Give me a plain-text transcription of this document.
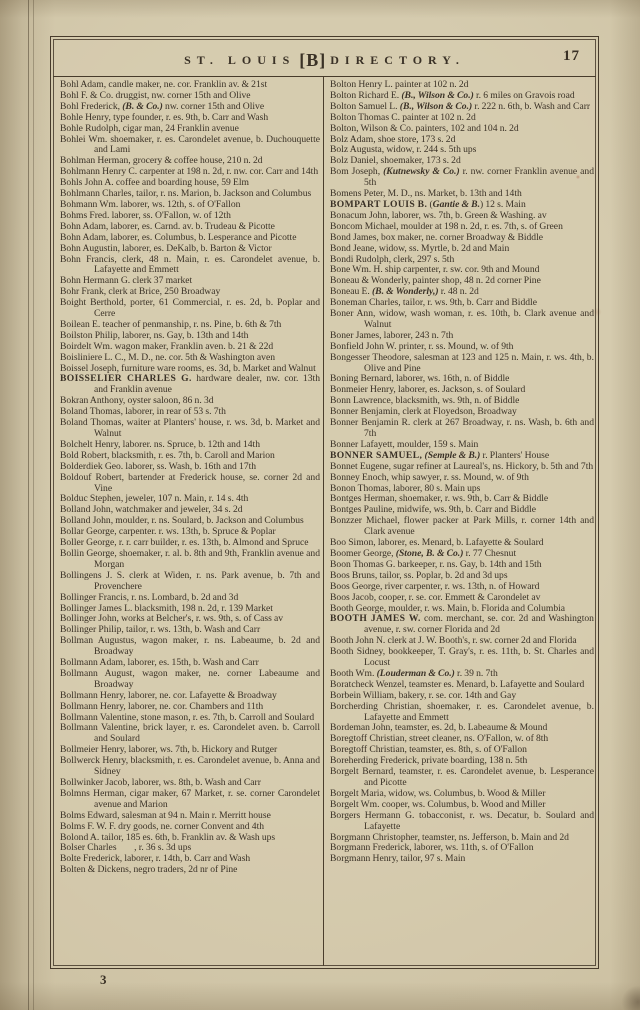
ST. LOUIS [B] DIRECTORY.	17
Bohl Adam, candle maker, ne. cor. Franklin av. & 21st
Bohl F. & Co. druggist, nw. corner 15th and Olive
Bohl Frederick, (B. & Co.) nw. corner 15th and Olive
Bohle Henry, type founder, r. es. 9th, b. Carr and Wash
Bohle Rudolph, cigar man, 24 Franklin avenue
Bohlei Wm. shoemaker, r. es. Carondelet avenue, b. Duchouquette and Lami
Bohlman Herman, grocery & coffee house, 210 n. 2d
Bohlmann Henry C. carpenter at 198 n. 2d, r. nw. cor. Carr and 14th
Bohls John A. coffee and boarding house, 59 Elm
Bohlmann Charles, tailor, r. ns. Marion, b. Jackson and Columbus
Bohmann Wm. laborer, ws. 12th, s. of O'Fallon
Bohms Fred. laborer, ss. O'Fallon, w. of 12th
Bohn Adam, laborer, es. Carnd. av. b. Trudeau & Picotte
Bohn Adam, laborer, es. Columbus, b. Lesperance and Picotte
Bohn Augustin, laborer, es. DeKalb, b. Barton & Victor
Bohn Francis, clerk, 48 n. Main, r. es. Carondelet avenue, b. Lafayette and Emmett
Bohn Hermann G. clerk 37 market
Bohr Frank, clerk at Brice, 250 Broadway
Boight Berthold, porter, 61 Commercial, r. es. 2d, b. Poplar and Cerre
Boilean E. teacher of penmanship, r. ns. Pine, b. 6th & 7th
Boilston Philip, laborer, ns. Gay, b. 13th and 14th
Boirdelt Wm. wagon maker, Franklin aven. b. 21 & 22d
Boisliniere L. C., M. D., ne. cor. 5th & Washington aven
Boissel Joseph, furniture ware rooms, es. 3d, b. Market and Walnut
BOISSELIER CHARLES G. hardware dealer, nw. cor. 13th and Franklin avenue
Bokran Anthony, oyster saloon, 86 n. 3d
Boland Thomas, laborer, in rear of 53 s. 7th
Boland Thomas, waiter at Planters' house, r. ws. 3d, b. Market and Walnut
Bolchelt Henry, laborer. ns. Spruce, b. 12th and 14th
Bold Robert, blacksmith, r. es. 7th, b. Caroll and Marion
Bolderdiek Geo. laborer, ss. Wash, b. 16th and 17th
Boldouf Robert, bartender at Frederick house, se. corner 2d and Vine
Bolduc Stephen, jeweler, 107 n. Main, r. 14 s. 4th
Bolland John, watchmaker and jeweler, 34 s. 2d
Bolland John, moulder, r. ns. Soulard, b. Jackson and Columbus
Bollar George, carpenter. r. ws. 13th, b. Spruce & Poplar
Boller George, r. r. carr builder, r. es. 13th, b. Almond and Spruce
Bollin George, shoemaker, r. al. b. 8th and 9th, Franklin avenue and Morgan
Bollingens J. S. clerk at Widen, r. ns. Park avenue, b. 7th and Provenchere
Bollinger Francis, r. ns. Lombard, b. 2d and 3d
Bollinger James L. blacksmith, 198 n. 2d, r. 139 Market
Bollinger John, works at Belcher's, r. ws. 9th, s. of Cass av
Bollinger Philip, tailor, r. ws. 13th, b. Wash and Carr
Bollman Augustus, wagon maker, r. ns. Labeaume, b. 2d and Broadway
Bollmann Adam, laborer, es. 15th, b. Wash and Carr
Bollmann August, wagon maker, ne. corner Labeaume and Broadway
Bollmann Henry, laborer, ne. cor. Lafayette & Broadway
Bollmann Henry, laborer, ne. cor. Chambers and 11th
Bollmann Valentine, stone mason, r. es. 7th, b. Carroll and Soulard
Bollmann Valentine, brick layer, r. es. Carondelet aven. b. Carroll and Soulard
Bollmeier Henry, laborer, ws. 7th, b. Hickory and Rutger
Bollwerck Henry, blacksmith, r. es. Carondelet avenue, b. Anna and Sidney
Bollwinker Jacob, laborer, ws. 8th, b. Wash and Carr
Bolmns Herman, cigar maker, 67 Market, r. se. corner Carondelet avenue and Marion
Bolms Edward, salesman at 94 n. Main r. Merritt house
Bolms F. W. F. dry goods, ne. corner Convent and 4th
Bolond A. tailor, 185 es. 6th, b. Franklin av. & Wash ups
Bolser Charles        , r. 36 s. 3d ups
Bolte Frederick, laborer, r. 14th, b. Carr and Wash
Bolten & Dickens, negro traders, 2d nr of Pine
Bolton Henry L. painter at 102 n. 2d
Bolton Richard E. (B., Wilson & Co.) r. 6 miles on Gravois road
Bolton Samuel L. (B., Wilson & Co.) r. 222 n. 6th, b. Wash and Carr
Bolton Thomas C. painter at 102 n. 2d
Bolton, Wilson & Co. painters, 102 and 104 n. 2d
Bolz Adam, shoe store, 173 s. 2d
Bolz Augusta, widow, r. 244 s. 5th ups
Bolz Daniel, shoemaker, 173 s. 2d
Bom Joseph, (Kutnewsky & Co.) r. nw. corner Franklin avenue and 5th
Bomens Peter, M. D., ns. Market, b. 13th and 14th
BOMPART LOUIS B. (Gantie & B.) 12 s. Main
Bonacum John, laborer, ws. 7th, b. Green & Washing. av
Boncom Michael, moulder at 198 n. 2d, r. es. 7th, s. of Green
Bond James, box maker, ne. corner Broadway & Biddle
Bond Jeane, widow, ss. Myrtle, b. 2d and Main
Bondi Rudolph, clerk, 297 s. 5th
Bone Wm. H. ship carpenter, r. sw. cor. 9th and Mound
Boneau & Wonderly, painter shop, 48 n. 2d corner Pine
Boneau E. (B. & Wonderly,) r. 48 n. 2d
Boneman Charles, tailor, r. ws. 9th, b. Carr and Biddle
Boner Ann, widow, wash woman, r. es. 10th, b. Clark avenue and Walnut
Boner James, laborer, 243 n. 7th
Bonfield John W. printer, r. ss. Mound, w. of 9th
Bongesser Theodore, salesman at 123 and 125 n. Main, r. ws. 4th, b. Olive and Pine
Boning Bernard, laborer, ws. 16th, n. of Biddle
Bonmeier Henry, laborer, es. Jackson, s. of Soulard
Bonn Lawrence, blacksmith, ws. 9th, n. of Biddle
Bonner Benjamin, clerk at Floyedson, Broadway
Bonner Benjamin R. clerk at 267 Broadway, r. ns. Wash, b. 6th and 7th
Bonner Lafayett, moulder, 159 s. Main
BONNER SAMUEL, (Semple & B.) r. Planters' House
Bonnet Eugene, sugar refiner at Laureal's, ns. Hickory, b. 5th and 7th
Bonney Enoch, whip sawyer, r. ss. Mound, w. of 9th
Bonon Thomas, laborer, 80 s. Main ups
Bontges Herman, shoemaker, r. ws. 9th, b. Carr & Biddle
Bontges Pauline, midwife, ws. 9th, b. Carr and Biddle
Bonzzer Michael, flower packer at Park Mills, r. corner 14th and Clark avenue
Boo Simon, laborer, es. Menard, b. Lafayette & Soulard
Boomer George, (Stone, B. & Co.) r. 77 Chesnut
Boon Thomas G. barkeeper, r. ns. Gay, b. 14th and 15th
Boos Bruns, tailor, ss. Poplar, b. 2d and 3d ups
Boos George, river carpenter, r. ws. 13th, n. of Howard
Boos Jacob, cooper, r. se. cor. Emmett & Carondelet av
Booth George, moulder, r. ws. Main, b. Florida and Columbia
BOOTH JAMES W. com. merchant, se. cor. 2d and Washington avenue, r. sw. corner Florida and 2d
Booth John N. clerk at J. W. Booth's, r. sw. corner 2d and Florida
Booth Sidney, bookkeeper, T. Gray's, r. es. 11th, b. St. Charles and Locust
Booth Wm. (Louderman & Co.) r. 39 n. 7th
Boratcheck Wenzel, teamster es. Menard, b. Lafayette and Soulard
Borbein William, bakery, r. se. cor. 14th and Gay
Borcherding Christian, shoemaker, r. es. Carondelet avenue, b. Lafayette and Emmett
Bordeman John, teamster, es. 2d, b. Labeaume & Mound
Boregtoff Christian, street cleaner, ns. O'Fallon, w. of 8th
Boregtoff Christian, teamster, es. 8th, s. of O'Fallon
Boreherding Frederick, private boarding, 138 n. 5th
Borgelt Bernard, teamster, r. es. Carondelet avenue, b. Lesperance and Picotte
Borgelt Maria, widow, ws. Columbus, b. Wood & Miller
Borgelt Wm. cooper, ws. Columbus, b. Wood and Miller
Borgers Hermann G. tobacconist, r. ws. Decatur, b. Soulard and Lafayette
Borgmann Christopher, teamster, ns. Jefferson, b. Main and 2d
Borgmann Frederick, laborer, ws. 11th, s. of O'Fallon
Borgmann Henry, tailor, 97 s. Main
3
